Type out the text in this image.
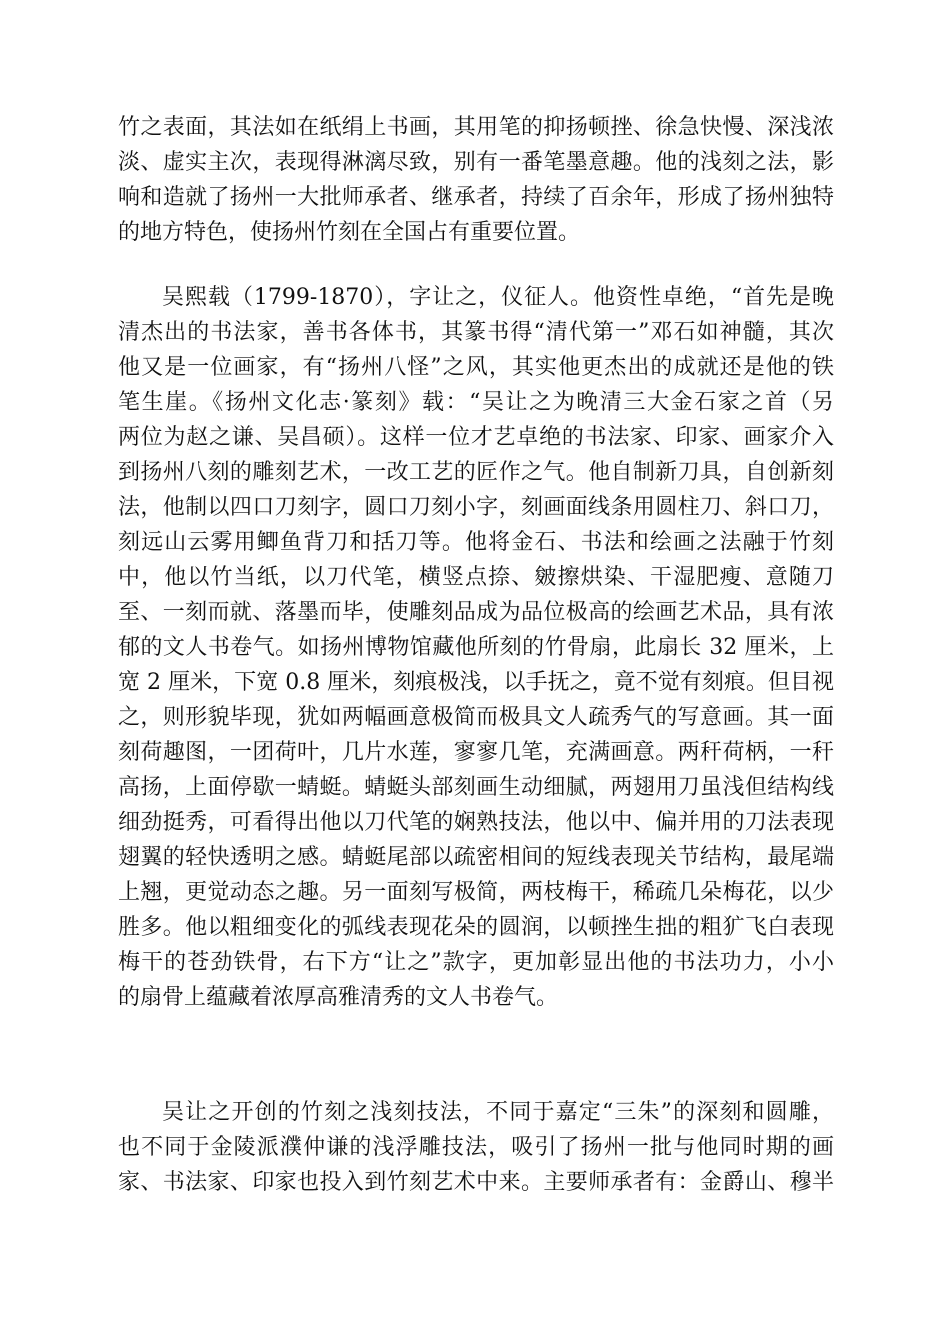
竹之表面，其法如在纸绢上书画，其用笔的抑扬顿挫、徐急快慢、深浅浓
淡、虚实主次，表现得淋漓尽致，别有一番笔墨意趣。他的浅刻之法，影
响和造就了扬州一大批师承者、继承者，持续了百余年，形成了扬州独特
的地方特色，使扬州竹刻在全国占有重要位置。
吴熙载（1799-1870），字让之，仪征人。他资性卓绝，“首先是晚
清杰出的书法家，善书各体书，其篆书得“清代第一”邓石如神髓，其次
他又是一位画家，有“扬州八怪”之风，其实他更杰出的成就还是他的铁
笔生崖。《扬州文化志·篆刻》载：“吴让之为晚清三大金石家之首（另
两位为赵之谦、吴昌硕）。这样一位才艺卓绝的书法家、印家、画家介入
到扬州八刻的雕刻艺术，一改工艺的匠作之气。他自制新刀具，自创新刻
法，他制以四口刀刻字，圆口刀刻小字，刻画面线条用圆柱刀、斜口刀，
刻远山云雾用鲫鱼背刀和括刀等。他将金石、书法和绘画之法融于竹刻
中，他以竹当纸，以刀代笔，横竖点捺、皴擦烘染、干湿肥瘦、意随刀
至、一刻而就、落墨而毕，使雕刻品成为品位极高的绘画艺术品，具有浓
郁的文人书卷气。如扬州博物馆藏他所刻的竹骨扇，此扇长 32 厘米，上
宽 2 厘米，下宽 0.8 厘米，刻痕极浅，以手抚之，竟不觉有刻痕。但目视
之，则形貌毕现，犹如两幅画意极简而极具文人疏秀气的写意画。其一面
刻荷趣图，一团荷叶，几片水莲，寥寥几笔，充满画意。两秆荷柄，一秆
高扬，上面停歇一蜻蜓。蜻蜓头部刻画生动细腻，两翅用刀虽浅但结构线
细劲挺秀，可看得出他以刀代笔的娴熟技法，他以中、偏并用的刀法表现
翅翼的轻快透明之感。蜻蜓尾部以疏密相间的短线表现关节结构，最尾端
上翘，更觉动态之趣。另一面刻写极简，两枝梅干，稀疏几朵梅花，以少
胜多。他以粗细变化的弧线表现花朵的圆润，以顿挫生拙的粗犷飞白表现
梅干的苍劲铁骨，右下方“让之”款字，更加彰显出他的书法功力，小小
的扇骨上蕴藏着浓厚高雅清秀的文人书卷气。
吴让之开创的竹刻之浅刻技法，不同于嘉定“三朱”的深刻和圆雕，
也不同于金陵派濮仲谦的浅浮雕技法，吸引了扬州一批与他同时期的画
家、书法家、印家也投入到竹刻艺术中来。主要师承者有：金爵山、穆半
